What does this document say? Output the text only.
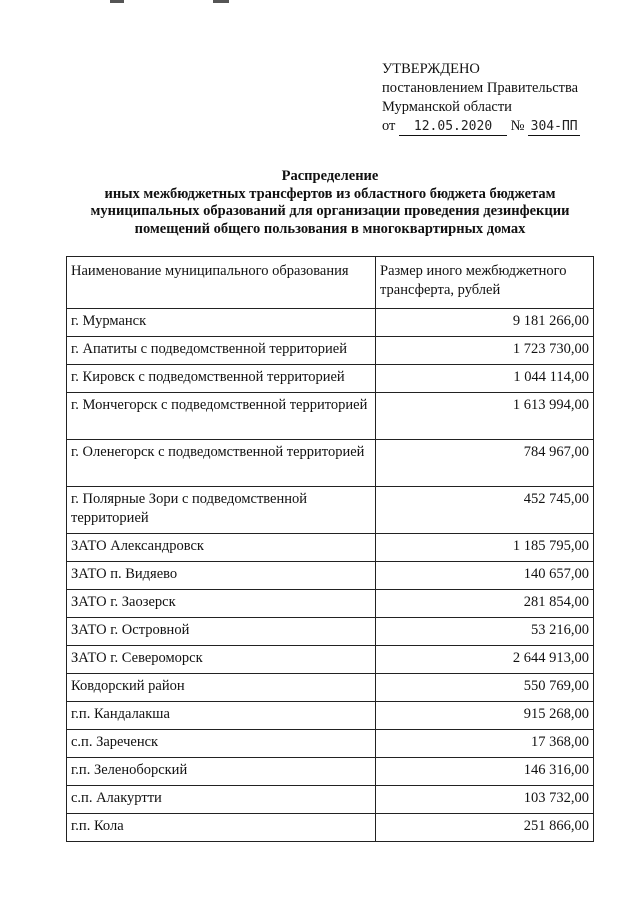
УТВЕРЖДЕНО
постановлением Правительства
Мурманской области
от 12.05.2020 № 304-ПП
Распределение
иных межбюджетных трансфертов из областного бюджета бюджетам
муниципальных образований для организации проведения дезинфекции
помещений общего пользования в многоквартирных домах
Наименование муниципального образования	Размер иного межбюджетного трансферта, рублей
г. Мурманск	9 181 266,00
г. Апатиты с подведомственной территорией	1 723 730,00
г. Кировск с подведомственной территорией	1 044 114,00
г. Мончегорск с подведомственной территорией	1 613 994,00
г. Оленегорск с подведомственной территорией	784 967,00
г. Полярные Зори с подведомственной территорией	452 745,00
ЗАТО Александровск	1 185 795,00
ЗАТО п. Видяево	140 657,00
ЗАТО г. Заозерск	281 854,00
ЗАТО г. Островной	53 216,00
ЗАТО г. Североморск	2 644 913,00
Ковдорский район	550 769,00
г.п. Кандалакша	915 268,00
с.п. Зареченск	17 368,00
г.п. Зеленоборский	146 316,00
с.п. Алакуртти	103 732,00
г.п. Кола	251 866,00
